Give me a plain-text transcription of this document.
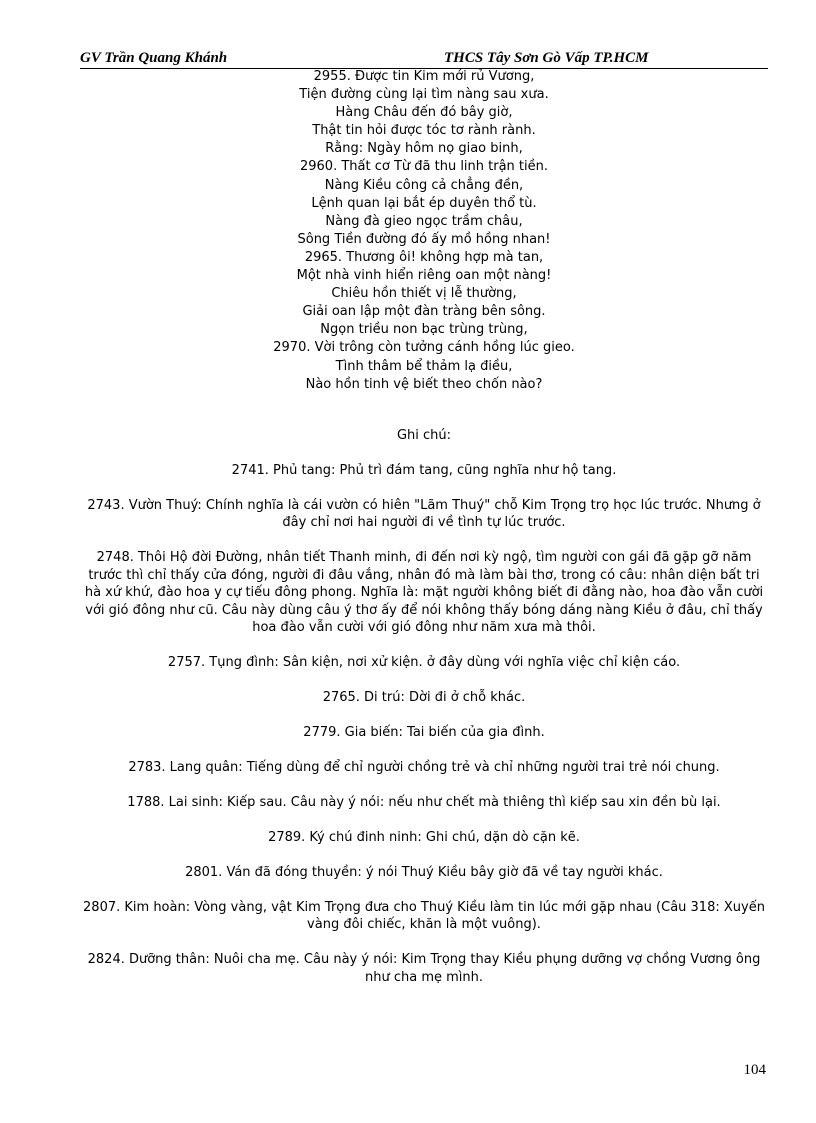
GV Trần Quang Khánh	THCS Tây Sơn Gò Vấp TP.HCM
2955. Được tin Kim mới rủ Vương,
Tiện đường cùng lại tìm nàng sau xưa.
Hàng Châu đến đó bây giờ,
Thật tin hỏi được tóc tơ rành rành.
Rằng: Ngày hôm nọ giao binh,
2960. Thất cơ Từ đã thu linh trận tiền.
Nàng Kiều công cả chẳng đền,
Lệnh quan lại bắt ép duyên thổ tù.
Nàng đà gieo ngọc trầm châu,
Sông Tiền đường đó ấy mồ hồng nhan!
2965. Thương ôi! không hợp mà tan,
Một nhà vinh hiển riêng oan một nàng!
Chiêu hồn thiết vị lễ thường,
Giải oan lập một đàn tràng bên sông.
Ngọn triều non bạc trùng trùng,
2970. Vời trông còn tưởng cánh hồng lúc gieo.
Tình thâm bể thảm lạ điều,
Nào hồn tinh vệ biết theo chốn nào?
Ghi chú:

2741. Phủ tang: Phủ trì đám tang, cũng nghĩa như hộ tang.

2743. Vườn Thuý: Chính nghĩa là cái vườn có hiên "Lãm Thuý" chỗ Kim Trọng trọ học lúc trước. Nhưng ở đây chỉ nơi hai người đi về tình tự lúc trước.

2748. Thôi Hộ đời Đường, nhân tiết Thanh minh, đi đến nơi kỳ ngộ, tìm người con gái đã gặp gỡ năm trước thì chỉ thấy cửa đóng, người đi đâu vắng, nhân đó mà làm bài thơ, trong có câu: nhân diện bất tri hà xứ khứ, đào hoa y cự tiếu đông phong. Nghĩa là: mặt người không biết đi đằng nào, hoa đào vẫn cười với gió đông như cũ. Câu này dùng câu ý thơ ấy để nói không thấy bóng dáng nàng Kiều ở đâu, chỉ thấy hoa đào vẫn cười với gió đông như năm xưa mà thôi.

2757. Tụng đình: Sân kiện, nơi xử kiện. ở đây dùng với nghĩa việc chỉ kiện cáo.

2765. Di trú: Dời đi ở chỗ khác.

2779. Gia biến: Tai biến của gia đình.

2783. Lang quân: Tiếng dùng để chỉ người chồng trẻ và chỉ những người trai trẻ nói chung.

1788. Lai sinh: Kiếp sau. Câu này ý nói: nếu như chết mà thiêng thì kiếp sau xin đền bù lại.

2789. Ký chú đinh ninh: Ghi chú, dặn dò cặn kẽ.

2801. Ván đã đóng thuyền: ý nói Thuý Kiều bây giờ đã về tay người khác.

2807. Kim hoàn: Vòng vàng, vật Kim Trọng đưa cho Thuý Kiều làm tin lúc mới gặp nhau (Câu 318: Xuyến vàng đôi chiếc, khăn là một vuông).

2824. Dưỡng thân: Nuôi cha mẹ. Câu này ý nói: Kim Trọng thay Kiều phụng dưỡng vợ chồng Vương ông như cha mẹ mình.

104
